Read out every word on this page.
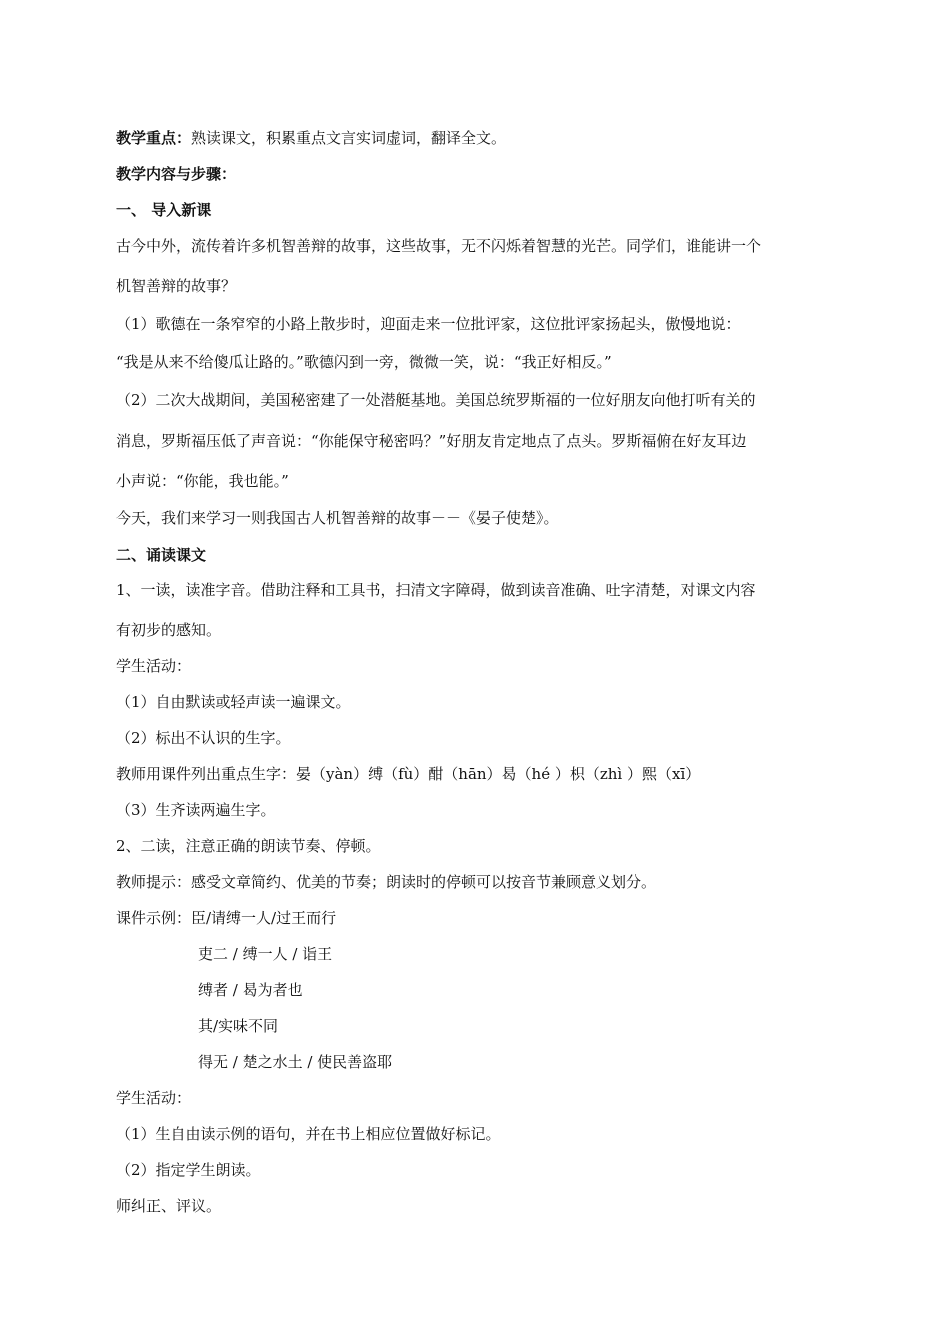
教学重点：熟读课文，积累重点文言实词虚词，翻译全文。
教学内容与步骤：
一、 导入新课
古今中外，流传着许多机智善辩的故事，这些故事，无不闪烁着智慧的光芒。同学们，谁能讲一个
机智善辩的故事？
（1）歌德在一条窄窄的小路上散步时，迎面走来一位批评家，这位批评家扬起头，傲慢地说：
“我是从来不给傻瓜让路的。”歌德闪到一旁，微微一笑，说：“我正好相反。”
（2）二次大战期间，美国秘密建了一处潜艇基地。美国总统罗斯福的一位好朋友向他打听有关的
消息，罗斯福压低了声音说：“你能保守秘密吗？”好朋友肯定地点了点头。罗斯福俯在好友耳边
小声说：“你能，我也能。”
今天，我们来学习一则我国古人机智善辩的故事－－《晏子使楚》。
二、诵读课文
1、一读，读准字音。借助注释和工具书，扫清文字障碍，做到读音准确、吐字清楚，对课文内容
有初步的感知。
学生活动：
（1）自由默读或轻声读一遍课文。
（2）标出不认识的生字。
教师用课件列出重点生字：晏（yàn）缚（fù）酣（hān）曷（hé ）枳（zhì ）熙（xī）
（3）生齐读两遍生字。
2、二读，注意正确的朗读节奏、停顿。
教师提示：感受文章简约、优美的节奏；朗读时的停顿可以按音节兼顾意义划分。
课件示例：臣/请缚一人/过王而行
吏二 / 缚一人 / 诣王
缚者 / 曷为者也
其/实味不同
得无 / 楚之水土 / 使民善盗耶
学生活动：
（1）生自由读示例的语句，并在书上相应位置做好标记。
（2）指定学生朗读。
师纠正、评议。
